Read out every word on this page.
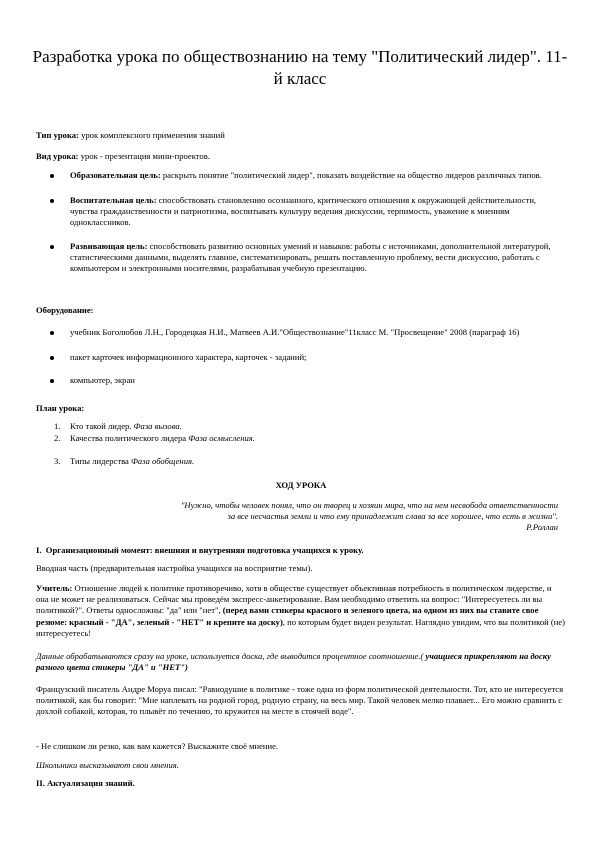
Разработка урока по обществознанию на тему "Политический лидер". 11-й класс
Тип урока: урок комплексного применения знаний
Вид урока: урок - презентация мини-проектов.
Образовательная цель: раскрыть понятие "политический лидер", показать воздействие на общество лидеров различных типов.
Воспитательная цель: способствовать становлению осознанного, критического отношения к окружающей действительности, чувства гражданственности и патриотизма, воспитывать культуру ведения дискуссии, терпимость, уважение к мнениям одноклассников.
Развивающая цель: способствовать развитию основных умений и навыков: работы с источниками, дополнительной литературой, статистическими данными, выделять главное, систематизировать, решать поставленную проблему, вести дискуссию, работать с компьютером и электронными носителями, разрабатывая учебную презентацию.
Оборудование:
учебник Боголюбов Л.Н., Городецкая Н.И., Матвеев А.И."Обществознание"11класс М. "Просвещение" 2008 (параграф 16)
пакет карточек информационного характера, карточек - заданий;
компьютер, экран
План урока:
1. Кто такой лидер. Фаза вызова.
2. Качества политического лидера Фаза осмысления.
3. Типы лидерства Фаза обобщения.
ХОД УРОКА
"Нужно, чтобы человек понял, что он творец и хозяин мира, что на нем несвобода ответственности
за все несчастья земли и что ему принадлежит слава за все хорошее, что есть в жизни".
Р.Роллан
I. Организационный момент: внешняя и внутренняя подготовка учащихся к уроку.
Вводная часть (предварительная настройка учащихся на восприятие темы).
Учитель: Отношение людей к политике противоречиво, хотя в обществе существует объективная потребность в политическом лидерстве, и она не может не реализоваться. Сейчас мы проведём экспресс-анкетирование. Вам необходимо ответить на вопрос: "Интересуетесь ли вы политикой?". Ответы односложны: "да" или "нет", (перед вами стикеры красного и зеленого цвета, на одном из них вы ставите свое резюме: красный - "ДА", зеленый - "НЕТ" и крепите на доску), по которым будет виден результат. Наглядно увидим, что вы политикой (не) интересуетесь!
Данные обрабатываются сразу на уроке, используется доска, где выводится процентное соотношение.( учащиеся прикрепляют на доску разного цвета стикеры "ДА" и "НЕТ")
Французский писатель Андре Моруа писал: "Равнодушие к политике - тоже одна из форм политической деятельности. Тот, кто не интересуется политикой, как бы говорит: "Мне наплевать на родной город, родную страну, на весь мир. Такой человек мелко плавает... Его можно сравнить с дохлой собакой, которая, то плывёт по течению, то кружится на месте в стоячей воде".
- Не слишком ли резко, как вам кажется? Выскажите своё мнение.
Школьники высказывают свои мнения.
II. Актуализация знаний.
